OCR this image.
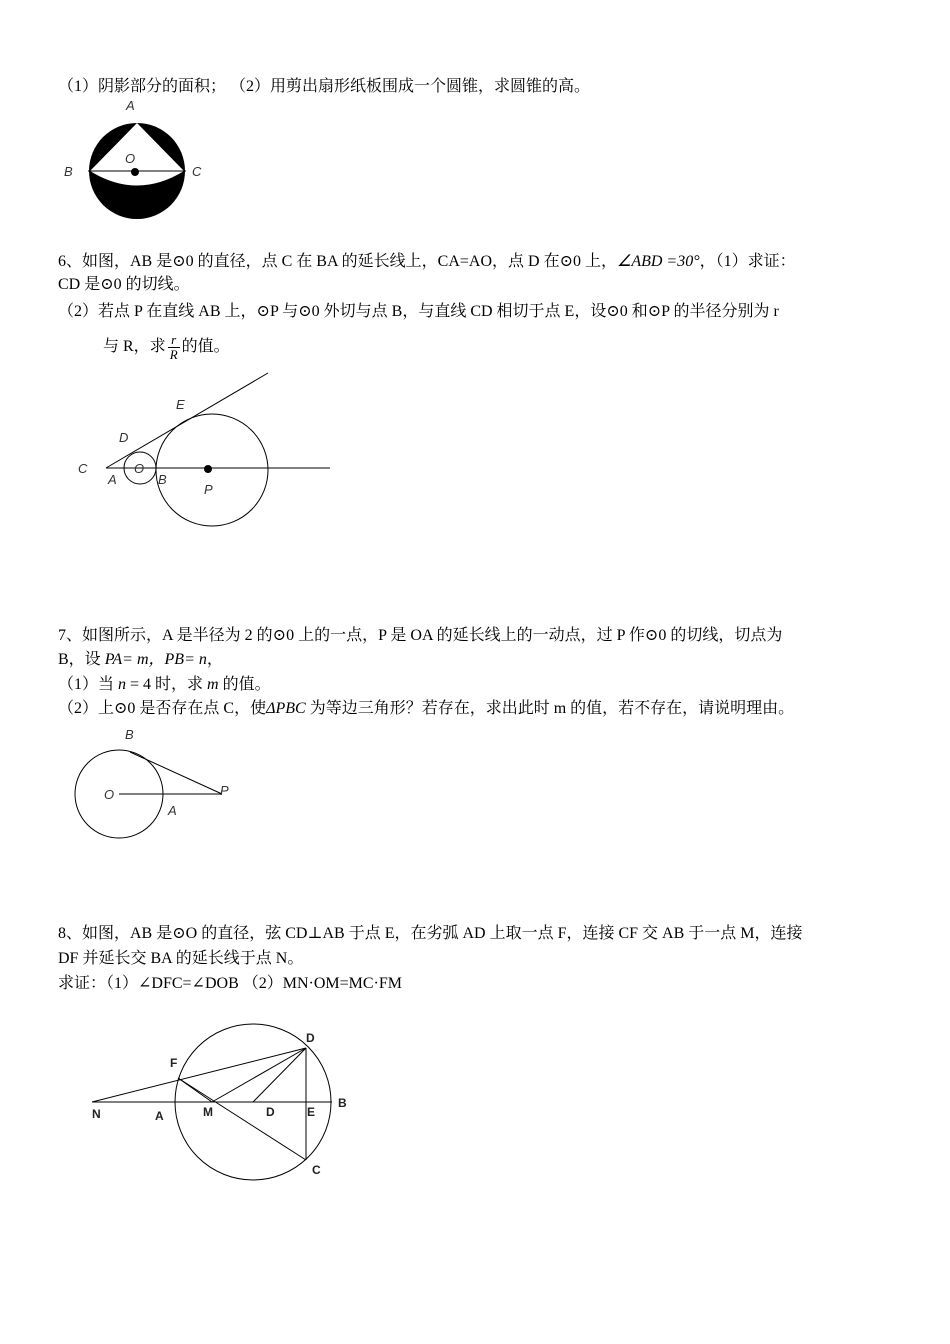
（1）阴影部分的面积； （2）用剪出扇形纸板围成一个圆锥，求圆锥的高。
A
B	C
O
6、如图，AB 是⊙0 的直径，点 C 在 BA 的延长线上，CA=AO，点 D 在⊙0 上，∠ABD =30°，（1）求证：
CD 是⊙0 的切线。
（2）若点 P 在直线 AB 上，⊙P 与⊙0 外切与点 B，与直线 CD 相切于点 E，设⊙0 和⊙P 的半径分别为 r
与 R，求 $\frac{r}{R}$ 的值。
C
A
O
B
D
E
P
7、如图所示，A 是半径为 2 的⊙0 上的一点，P 是 OA 的延长线上的一动点，过 P 作⊙0 的切线，切点为
B，设 PA= m，PB= n，
（1）当 n = 4 时，求 m 的值。
（2）上⊙0 是否存在点 C，使ΔPBC 为等边三角形？若存在，求出此时 m 的值，若不存在，请说明理由。
B
O
A
P
8、如图，AB 是⊙O 的直径，弦 CD⊥AB 于点 E，在劣弧 AD 上取一点 F，连接 CF 交 AB 于一点 M，连接
DF 并延长交 BA 的延长线于点 N。
求证：（1）∠DFC=∠DOB （2）MN·OM=MC·FM
N	A	M	D	E
B
F
D
C
